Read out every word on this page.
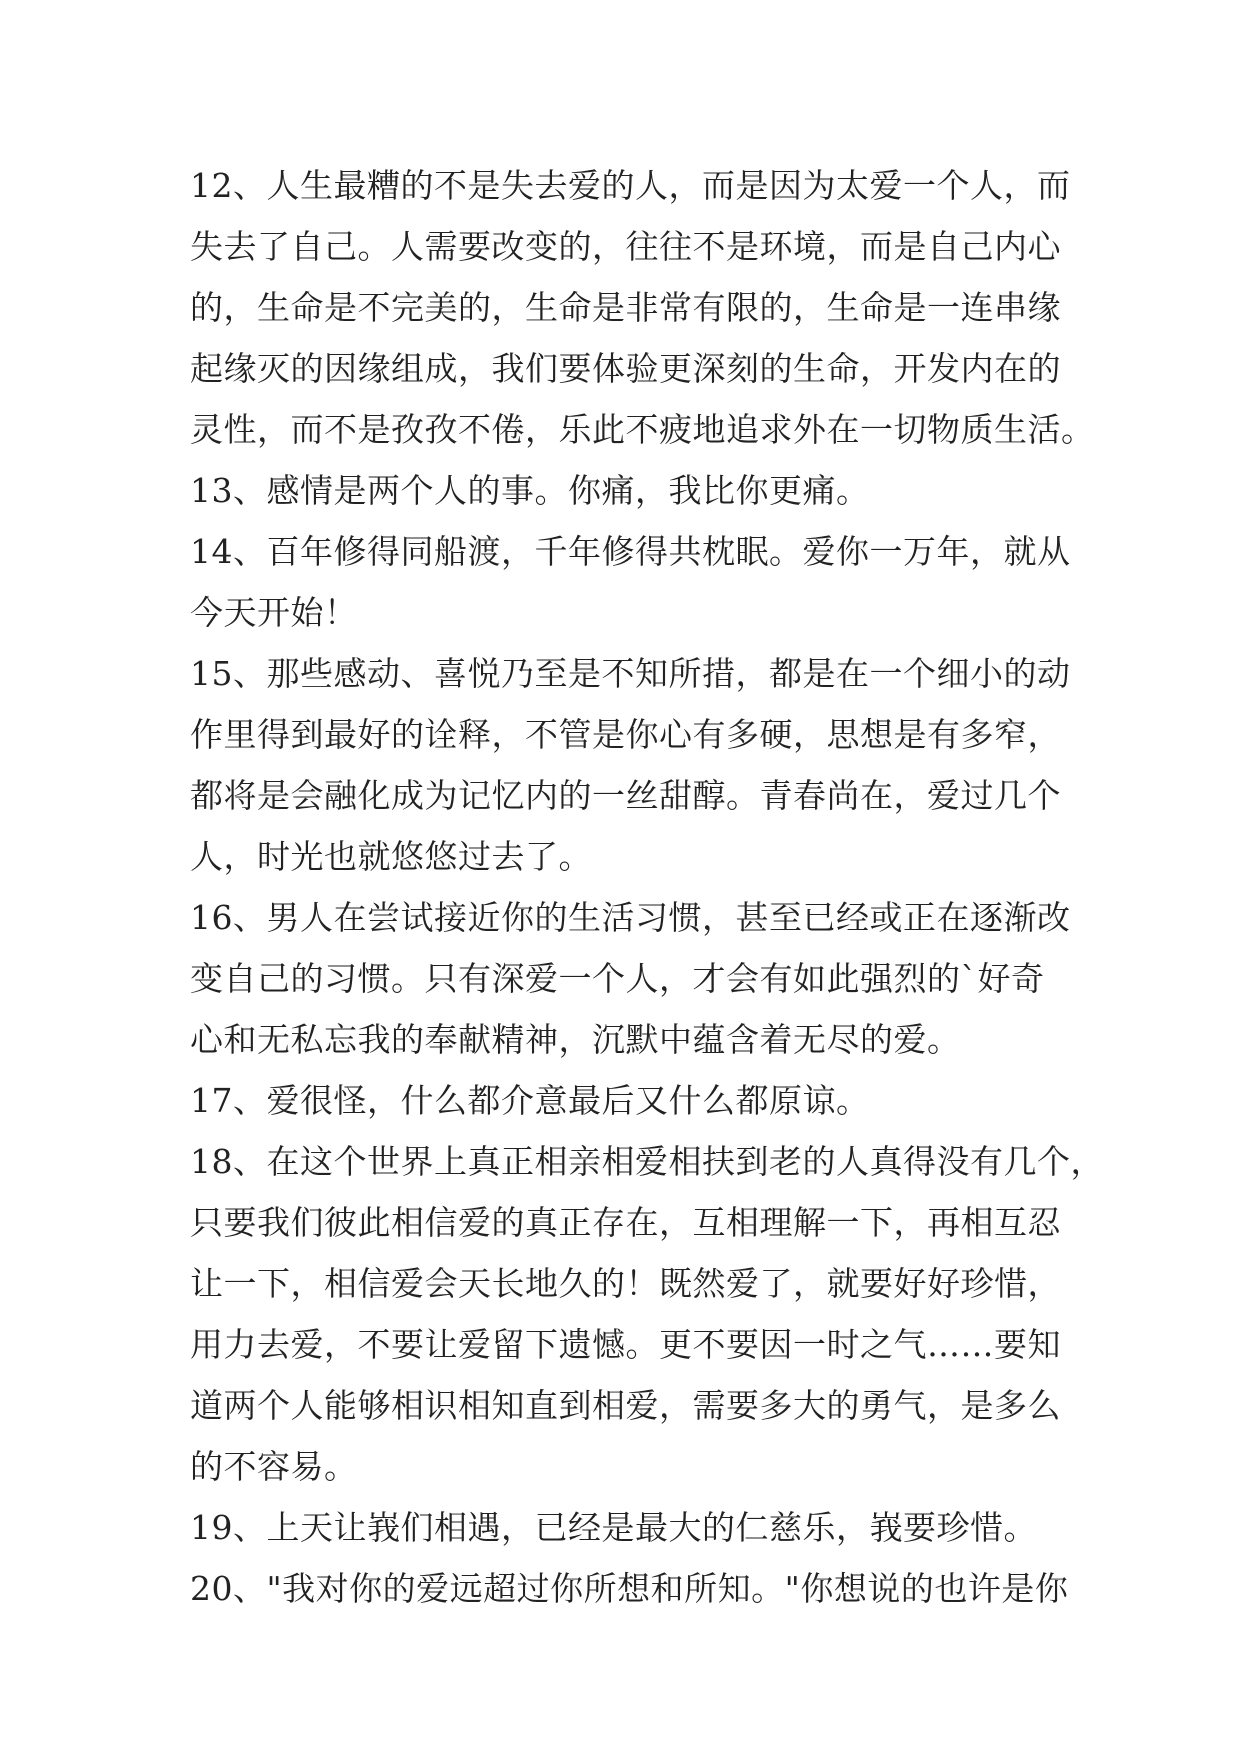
12、人生最糟的不是失去爱的人，而是因为太爱一个人，而
失去了自己。人需要改变的，往往不是环境，而是自己内心
的，生命是不完美的，生命是非常有限的，生命是一连串缘
起缘灭的因缘组成，我们要体验更深刻的生命，开发内在的
灵性，而不是孜孜不倦，乐此不疲地追求外在一切物质生活。
13、感情是两个人的事。你痛，我比你更痛。
14、百年修得同船渡，千年修得共枕眠。爱你一万年，就从
今天开始！
15、那些感动、喜悦乃至是不知所措，都是在一个细小的动
作里得到最好的诠释，不管是你心有多硬，思想是有多窄，
都将是会融化成为记忆内的一丝甜醇。青春尚在，爱过几个
人，时光也就悠悠过去了。
16、男人在尝试接近你的生活习惯，甚至已经或正在逐渐改
变自己的习惯。只有深爱一个人，才会有如此强烈的`好奇
心和无私忘我的奉献精神，沉默中蕴含着无尽的爱。
17、爱很怪，什么都介意最后又什么都原谅。
18、在这个世界上真正相亲相爱相扶到老的人真得没有几个，
只要我们彼此相信爱的真正存在，互相理解一下，再相互忍
让一下，相信爱会天长地久的！既然爱了，就要好好珍惜，
用力去爱，不要让爱留下遗憾。更不要因一时之气……要知
道两个人能够相识相知直到相爱，需要多大的勇气，是多么
的不容易。
19、上天让峩们相遇，已经是最大的仁慈乐，峩要珍惜。
20、"我对你的爱远超过你所想和所知。"你想说的也许是你
